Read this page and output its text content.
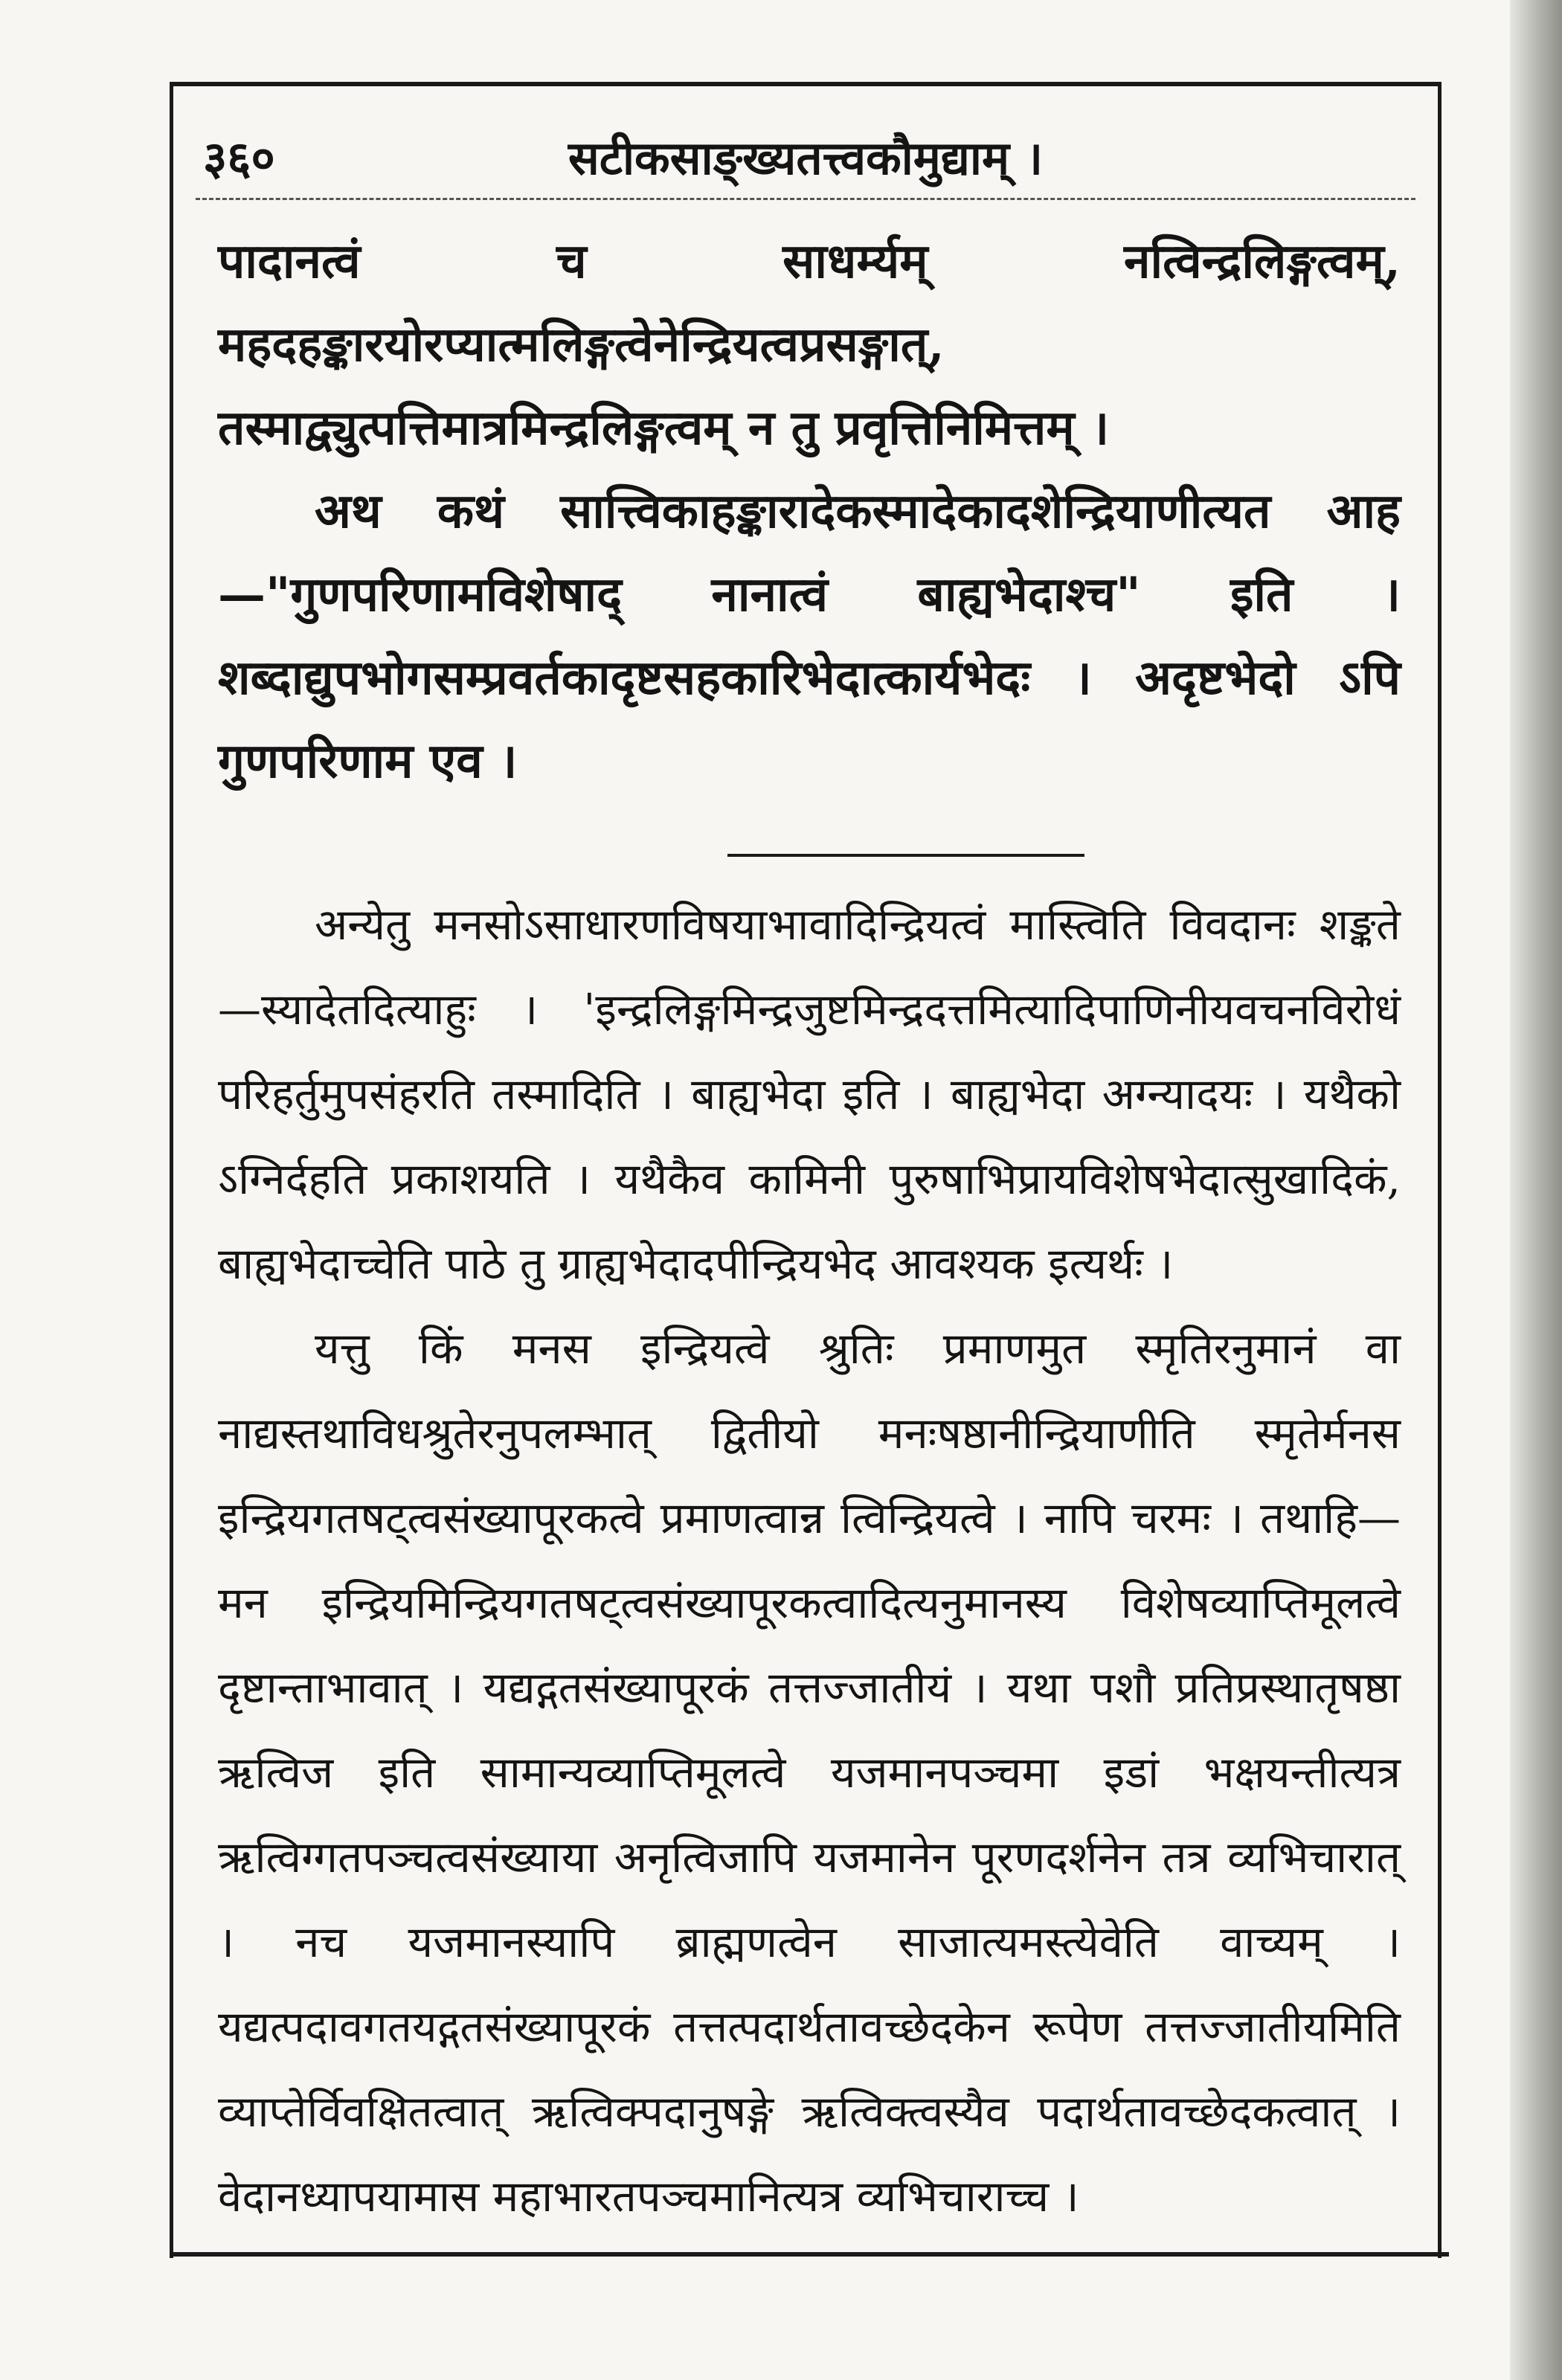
३६०	सटीकसाङ्ख्यतत्त्वकौमुद्याम् ।

पादानत्वं च साधर्म्यम् नत्विन्द्रलिङ्गत्वम्, महदहङ्कारयोरप्यात्मलिङ्गत्वेनेन्द्रियत्वप्रसङ्गात्, तस्माद्व्युत्पत्तिमात्रमिन्द्रलिङ्गत्वम् न तु प्रवृत्तिनिमित्तम् ।

अथ कथं सात्त्विकाहङ्कारादेकस्मादेकादशेन्द्रियाणीत्यत आह—"गुणपरिणामविशेषाद् नानात्वं बाह्यभेदाश्च" इति । शब्दाद्युपभोगसम्प्रवर्तकादृष्टसहकारिभेदात्कार्यभेदः । अदृष्टभेदो ऽपि गुणपरिणाम एव ।

अन्येतु मनसोऽसाधारणविषयाभावादिन्द्रियत्वं मास्त्विति विवदानः शङ्कते —स्यादेतदित्याहुः । 'इन्द्रलिङ्गमिन्द्रजुष्टमिन्द्रदत्तमित्यादिपाणिनीयवचनविरोधं परिहर्तुमुपसंहरति तस्मादिति । बाह्यभेदा इति । बाह्यभेदा अग्न्यादयः । यथैको ऽग्निर्दहति प्रकाशयति । यथैकैव कामिनी पुरुषाभिप्रायविशेषभेदात्सुखादिकं, बाह्यभेदाच्चेति पाठे तु ग्राह्यभेदादपीन्द्रियभेद आवश्यक इत्यर्थः ।

यत्तु किं मनस इन्द्रियत्वे श्रुतिः प्रमाणमुत स्मृतिरनुमानं वा नाद्यस्तथाविधश्रुतेरनुपलम्भात् द्वितीयो मनःषष्ठानीन्द्रियाणीति स्मृतेर्मनस इन्द्रियगतषट्त्वसंख्यापूरकत्वे प्रमाणत्वान्न त्विन्द्रियत्वे । नापि चरमः । तथाहि—मन इन्द्रियमिन्द्रियगतषट्त्वसंख्यापूरकत्वादित्यनुमानस्य विशेषव्याप्तिमूलत्वे दृष्टान्ताभावात् । यद्यद्गतसंख्यापूरकं तत्तज्जातीयं । यथा पशौ प्रतिप्रस्थातृषष्ठा ऋत्विज इति सामान्यव्याप्तिमूलत्वे यजमानपञ्चमा इडां भक्षयन्तीत्यत्र ऋत्विग्गतपञ्चत्वसंख्याया अनृत्विजापि यजमानेन पूरणदर्शनेन तत्र व्यभिचारात् । नच यजमानस्यापि ब्राह्मणत्वेन साजात्यमस्त्येवेति वाच्यम् । यद्यत्पदावगतयद्गतसंख्यापूरकं तत्तत्पदार्थतावच्छेदकेन रूपेण तत्तज्जातीयमिति व्याप्तेर्विवक्षितत्वात् ऋत्विक्पदानुषङ्गे ऋत्विक्त्वस्यैव पदार्थतावच्छेदकत्वात् । वेदानध्यापयामास महाभारतपञ्चमानित्यत्र व्यभिचाराच्च ।
